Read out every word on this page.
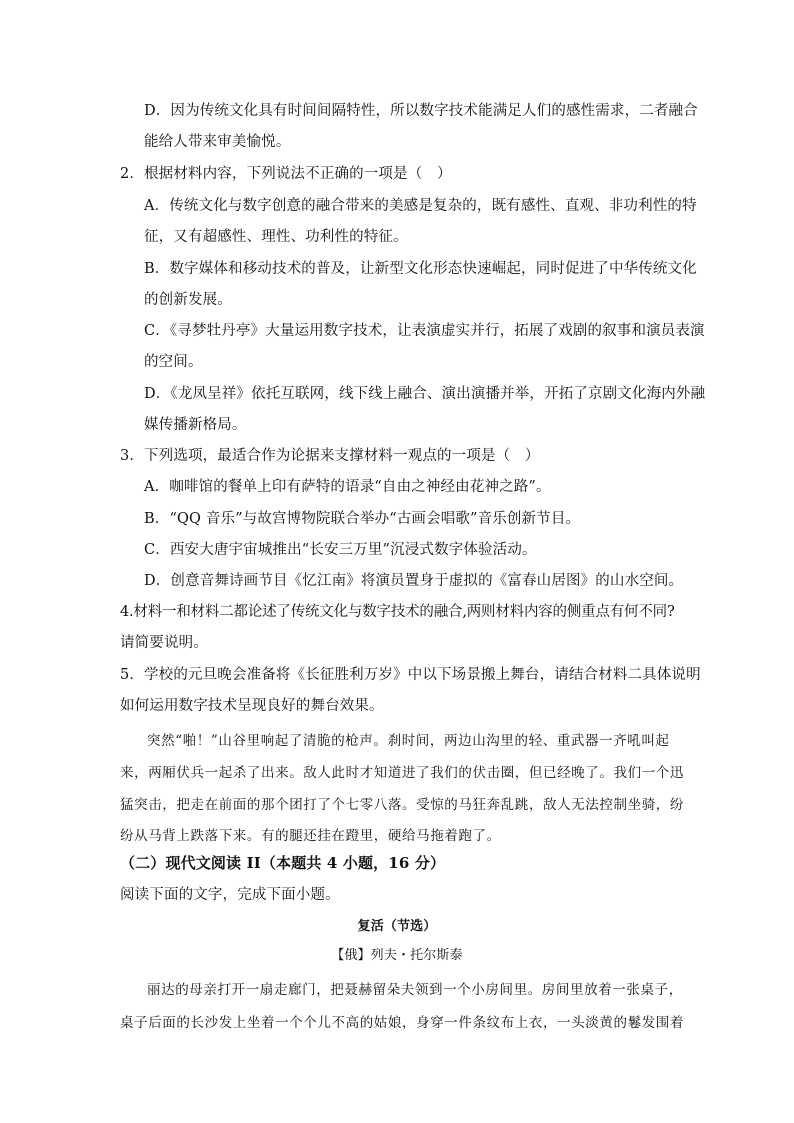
D．因为传统文化具有时间间隔特性，所以数字技术能满足人们的感性需求，二者融合
能给人带来审美愉悦。
2．根据材料内容，下列说法不正确的一项是（　）
A．传统文化与数字创意的融合带来的美感是复杂的，既有感性、直观、非功利性的特
征，又有超感性、理性、功利性的特征。
B．数字媒体和移动技术的普及，让新型文化形态快速崛起，同时促进了中华传统文化
的创新发展。
C．《寻梦牡丹亭》大量运用数字技术，让表演虚实并行，拓展了戏剧的叙事和演员表演
的空间。
D．《龙凤呈祥》依托互联网，线下线上融合、演出演播并举，开拓了京剧文化海内外融
媒传播新格局。
3．下列选项，最适合作为论据来支撑材料一观点的一项是（　）
A．咖啡馆的餐单上印有萨特的语录“自由之神经由花神之路”。
B．“QQ 音乐”与故宫博物院联合举办“古画会唱歌”音乐创新节目。
C．西安大唐宇宙城推出“长安三万里”沉浸式数字体验活动。
D．创意音舞诗画节目《忆江南》将演员置身于虚拟的《富春山居图》的山水空间。
4.材料一和材料二都论述了传统文化与数字技术的融合,两则材料内容的侧重点有何不同?
请简要说明。
5．学校的元旦晚会准备将《长征胜利万岁》中以下场景搬上舞台，请结合材料二具体说明
如何运用数字技术呈现良好的舞台效果。
突然“啪！”山谷里响起了清脆的枪声。刹时间，两边山沟里的轻、重武器一齐吼叫起
来，两厢伏兵一起杀了出来。敌人此时才知道进了我们的伏击圈，但已经晚了。我们一个迅
猛突击，把走在前面的那个团打了个七零八落。受惊的马狂奔乱跳，敌人无法控制坐骑，纷
纷从马背上跌落下来。有的腿还挂在蹬里，硬给马拖着跑了。
（二）现代文阅读 II（本题共 4 小题，16 分）
阅读下面的文字，完成下面小题。
复活（节选）
【俄】列夫・托尔斯泰
丽达的母亲打开一扇走廊门，把聂赫留朵夫领到一个小房间里。房间里放着一张桌子，
桌子后面的长沙发上坐着一个个儿不高的姑娘，身穿一件条纹布上衣，一头淡黄的鬈发围着
